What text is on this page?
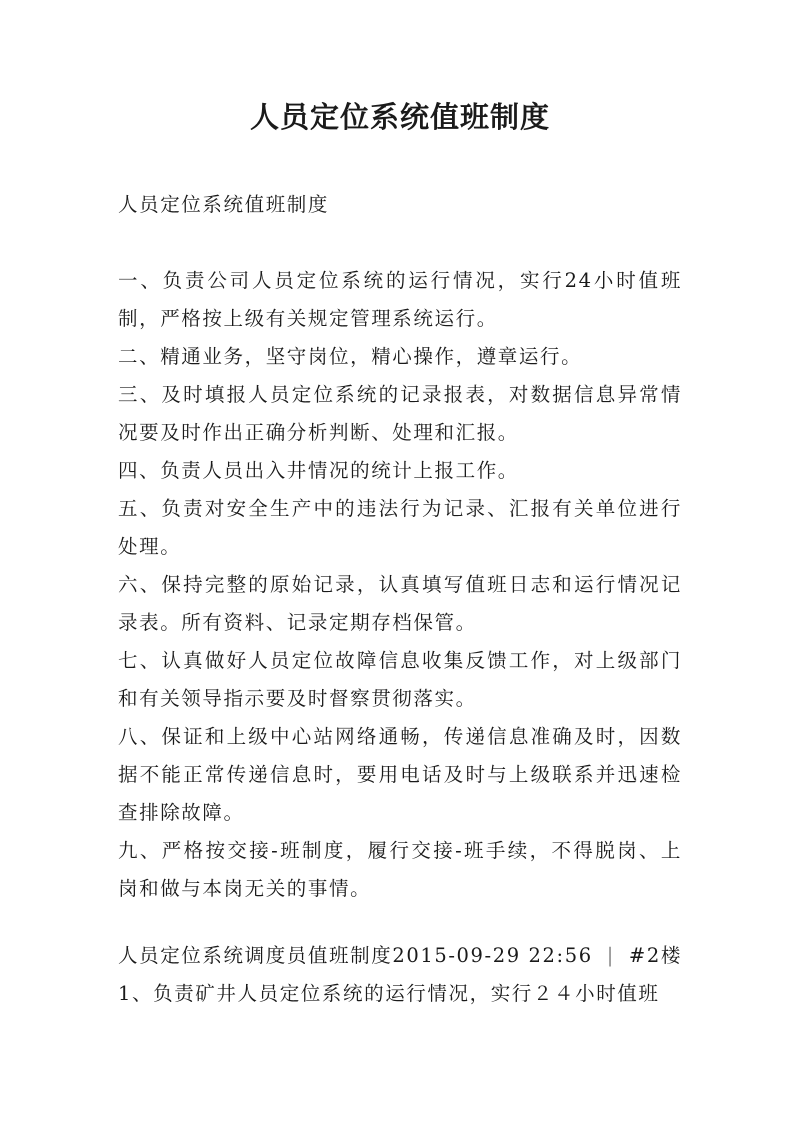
人员定位系统值班制度
人员定位系统值班制度

一、负责公司人员定位系统的运行情况，实行24小时值班制，严格按上级有关规定管理系统运行。

二、精通业务，坚守岗位，精心操作，遵章运行。

三、及时填报人员定位系统的记录报表，对数据信息异常情况要及时作出正确分析判断、处理和汇报。

四、负责人员出入井情况的统计上报工作。

五、负责对安全生产中的违法行为记录、汇报有关单位进行处理。

六、保持完整的原始记录，认真填写值班日志和运行情况记录表。所有资料、记录定期存档保管。

七、认真做好人员定位故障信息收集反馈工作，对上级部门和有关领导指示要及时督察贯彻落实。

八、保证和上级中心站网络通畅，传递信息准确及时，因数据不能正常传递信息时，要用电话及时与上级联系并迅速检查排除故障。

九、严格按交接-班制度，履行交接-班手续，不得脱岗、上岗和做与本岗无关的事情。

人员定位系统调度员值班制度2015-09-29 22:56 | #2楼

1、负责矿井人员定位系统的运行情况，实行２４小时值班
